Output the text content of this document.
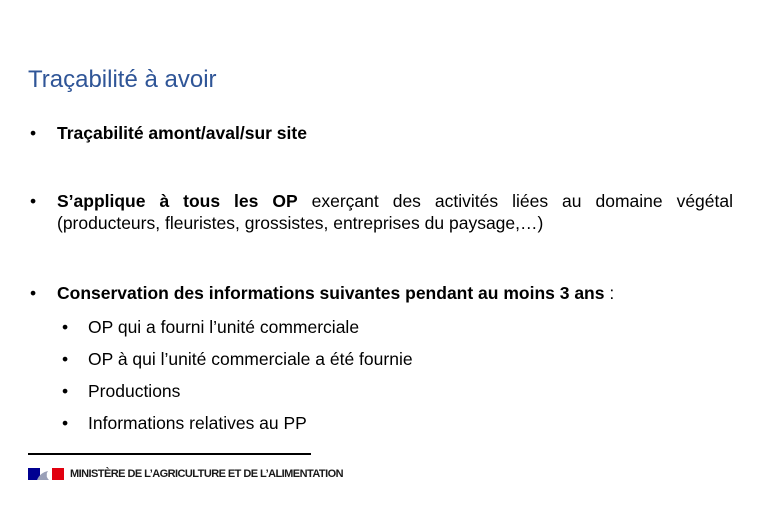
Traçabilité à avoir
• Traçabilité amont/aval/sur site
• S’applique à tous les OP exerçant des activités liées au domaine végétal (producteurs, fleuristes, grossistes, entreprises du paysage,…)
• Conservation des informations suivantes pendant au moins 3 ans :
• OP qui a fourni l’unité commerciale
• OP à qui l’unité commerciale a été fournie
• Productions
• Informations relatives au PP
MINISTÈRE DE L’AGRICULTURE ET DE L’ALIMENTATION
